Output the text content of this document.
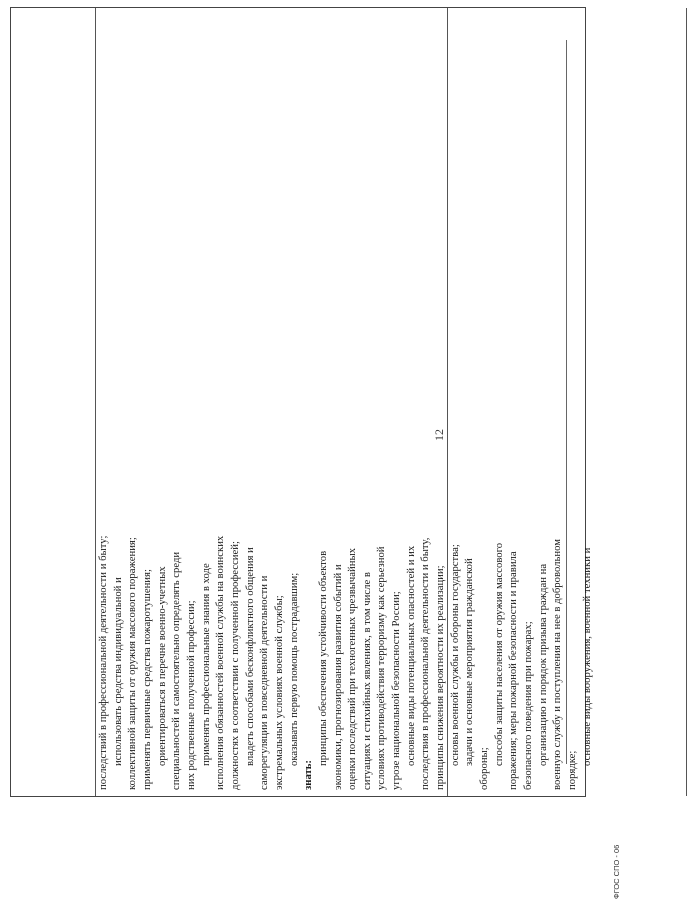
12

последствий в профессиональной деятельности и быту; использовать средства индивидуальной и коллективной защиты от оружия массового поражения; применять первичные средства пожаротушения; ориентироваться в перечне военно-учетных специальностей и самостоятельно определять среди них родственные полученной профессии; применять профессиональные знания в ходе исполнения обязанностей военной службы на воинских должностях в соответствии с полученной профессией; владеть способами бесконфликтного общения и саморегуляции в повседневной деятельности и экстремальных условиях военной службы; оказывать первую помощь пострадавшим;

знать:

принципы обеспечения устойчивости объектов экономики, прогнозирования развития событий и оценки последствий при техногенных чрезвычайных ситуациях и стихийных явлениях, в том числе в условиях противодействия терроризму как серьезной угрозе национальной безопасности России; основные виды потенциальных опасностей и их последствия в профессиональной деятельности и быту, принципы снижения вероятности их реализации; основы военной службы и обороны государства; задачи и основные мероприятия гражданской

обороны;

способы защиты населения от оружия массового поражения; меры пожарной безопасности и правила безопасного поведения при пожарах; организацию и порядок призыва граждан на военную службу и поступления на нее в добровольном порядке;

основные виды вооружения, военной техники и

ФГОС СПО - 06
